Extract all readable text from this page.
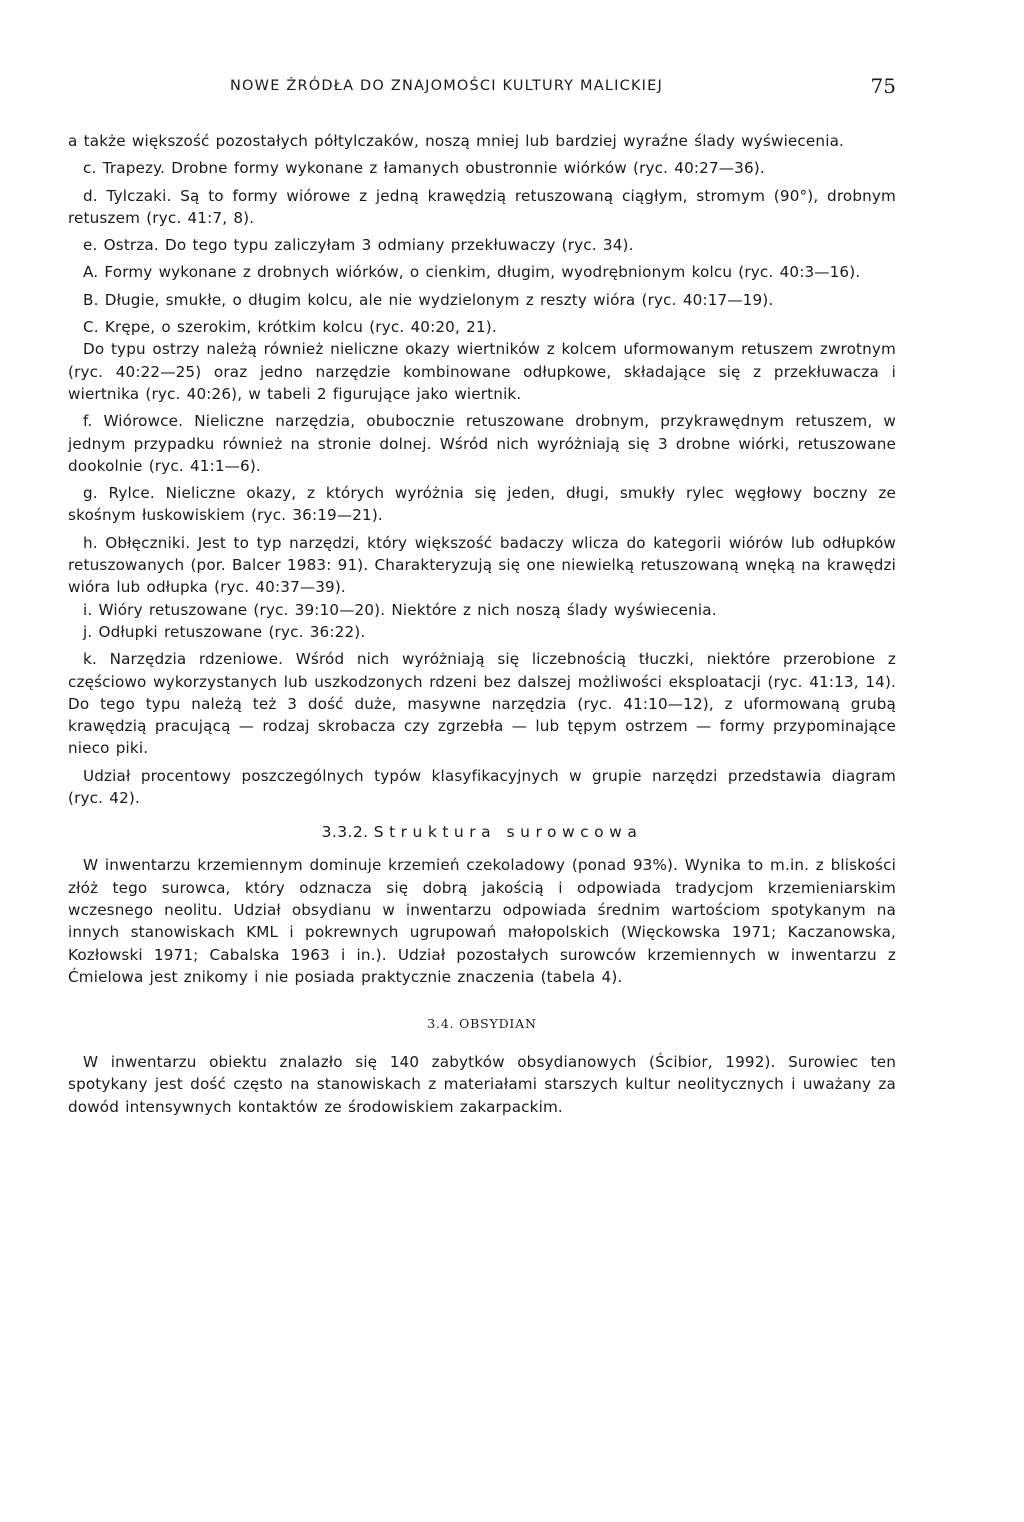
NOWE ŹRÓDŁA DO ZNAJOMOŚCI KULTURY MALICKIEJ	75

a także większość pozostałych półtylczaków, noszą mniej lub bardziej wyraźne ślady wyświecenia.

c. Trapezy. Drobne formy wykonane z łamanych obustronnie wiórków (ryc. 40:27—36).

d. Tylczaki. Są to formy wiórowe z jedną krawędzią retuszowaną ciągłym, stromym (90°), drobnym retuszem (ryc. 41:7, 8).

e. Ostrza. Do tego typu zaliczyłam 3 odmiany przekłuwaczy (ryc. 34).

A. Formy wykonane z drobnych wiórków, o cienkim, długim, wyodrębnionym kolcu (ryc. 40:3—16).

B. Długie, smukłe, o długim kolcu, ale nie wydzielonym z reszty wióra (ryc. 40:17—19).

C. Krępe, o szerokim, krótkim kolcu (ryc. 40:20, 21).

Do typu ostrzy należą również nieliczne okazy wiertników z kolcem uformowanym retuszem zwrotnym (ryc. 40:22—25) oraz jedno narzędzie kombinowane odłupkowe, składające się z przekłuwacza i wiertnika (ryc. 40:26), w tabeli 2 figurujące jako wiertnik.

f. Wiórowce. Nieliczne narzędzia, obubocznie retuszowane drobnym, przykrawędnym retuszem, w jednym przypadku również na stronie dolnej. Wśród nich wyróżniają się 3 drobne wiórki, retuszowane dookolnie (ryc. 41:1—6).

g. Rylce. Nieliczne okazy, z których wyróżnia się jeden, długi, smukły rylec węgłowy boczny ze skośnym łuskowiskiem (ryc. 36:19—21).

h. Obłęczniki. Jest to typ narzędzi, który większość badaczy wlicza do kategorii wiórów lub odłupków retuszowanych (por. Balcer 1983: 91). Charakteryzują się one niewielką retuszowaną wnęką na krawędzi wióra lub odłupka (ryc. 40:37—39).

i. Wióry retuszowane (ryc. 39:10—20). Niektóre z nich noszą ślady wyświecenia.

j. Odłupki retuszowane (ryc. 36:22).

k. Narzędzia rdzeniowe. Wśród nich wyróżniają się liczebnością tłuczki, niektóre przerobione z częściowo wykorzystanych lub uszkodzonych rdzeni bez dalszej możliwości eksploatacji (ryc. 41:13, 14). Do tego typu należą też 3 dość duże, masywne narzędzia (ryc. 41:10—12), z uformowaną grubą krawędzią pracującą — rodzaj skrobacza czy zgrzebła — lub tępym ostrzem — formy przypominające nieco piki.

Udział procentowy poszczególnych typów klasyfikacyjnych w grupie narzędzi przedstawia diagram (ryc. 42).

3.3.2. Struktura surowcowa

W inwentarzu krzemiennym dominuje krzemień czekoladowy (ponad 93%). Wynika to m.in. z bliskości złóż tego surowca, który odznacza się dobrą jakością i odpowiada tradycjom krzemieniarskim wczesnego neolitu. Udział obsydianu w inwentarzu odpowiada średnim wartościom spotykanym na innych stanowiskach KML i pokrewnych ugrupowań małopolskich (Więckowska 1971; Kaczanowska, Kozłowski 1971; Cabalska 1963 i in.). Udział pozostałych surowców krzemiennych w inwentarzu z Ćmielowa jest znikomy i nie posiada praktycznie znaczenia (tabela 4).

3.4. OBSYDIAN

W inwentarzu obiektu znalazło się 140 zabytków obsydianowych (Ścibior, 1992). Surowiec ten spotykany jest dość często na stanowiskach z materiałami starszych kultur neolitycznych i uważany za dowód intensywnych kontaktów ze środowiskiem zakarpackim.
